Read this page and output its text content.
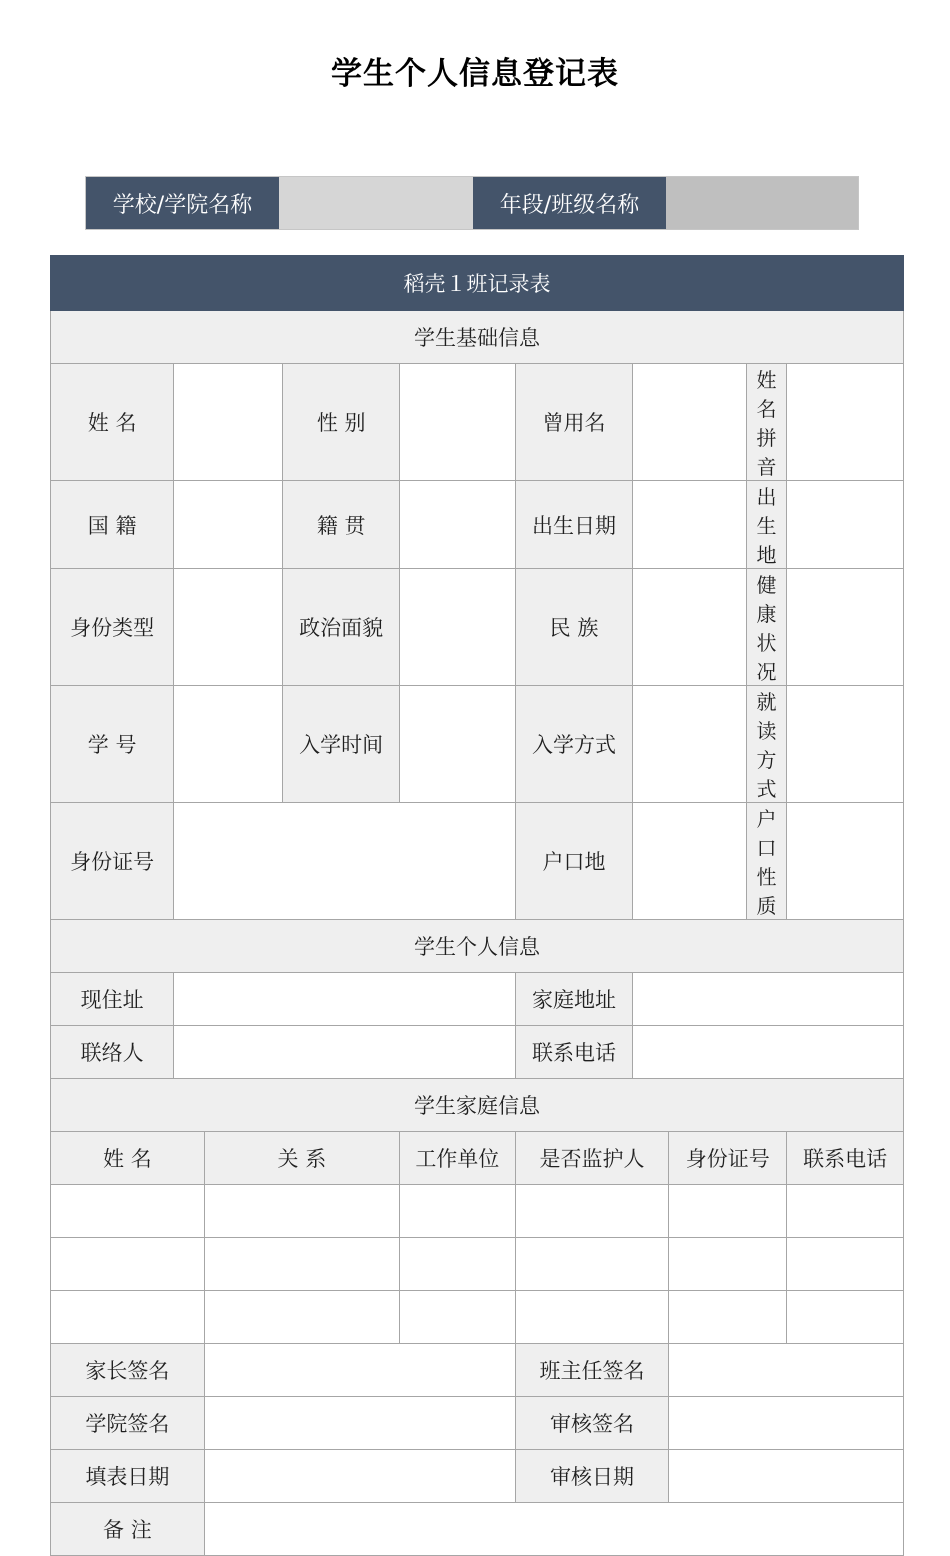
学生个人信息登记表
学校/学院名称	年段/班级名称
稻壳１班记录表									
学生基础信息									
姓 名			性 别		曾用名			姓名拼音	
国 籍			籍 贯		出生日期			出生地	
身份类型			政治面貌		民 族			健康状况	
学 号			入学时间		入学方式			就读方式	
身份证号					户口地			户口性质	
学生个人信息									
现住址					家庭地址				
联络人					联系电话				
学生家庭信息									
姓 名		关 系		工作单位	是否监护人		身份证号		联系电话

家长签名					班主任签名				
学院签名					审核签名				
填表日期					审核日期				
备 注									
